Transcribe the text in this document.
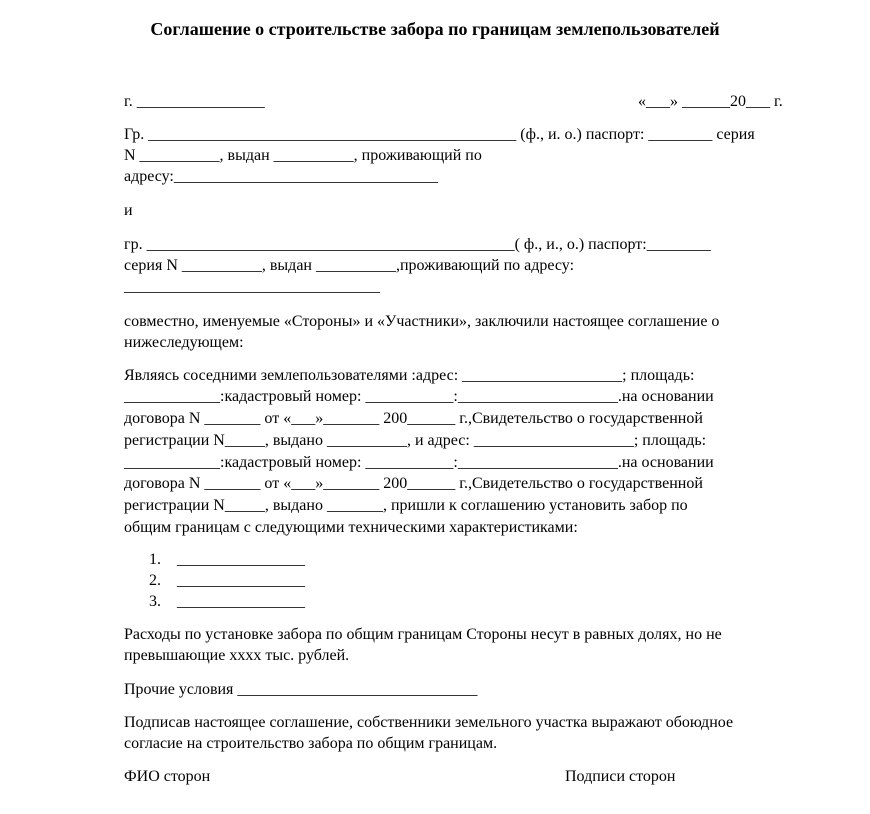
Соглашение о строительстве забора по границам землепользователей
г. ________________	«___» ______20___ г.
Гр. ______________________________________________ (ф., и. о.) паспорт: ________ серия
N __________, выдан __________, проживающий по
адресу:_________________________________
и
гр. ______________________________________________( ф., и., о.) паспорт:________
серия N __________, выдан __________,проживающий по адресу:
________________________________
совместно, именуемые «Стороны» и «Участники», заключили настоящее соглашение о
нижеследующем:
Являясь соседними землепользователями :адрес: ____________________; площадь:
____________:кадастровый номер: ___________:____________________.на основании
договора N _______ от «___»_______ 200______ г.,Свидетельство о государственной
регистрации N_____, выдано __________, и адрес: ____________________; площадь:
____________:кадастровый номер: ___________:____________________.на основании
договора N _______ от «___»_______ 200______ г.,Свидетельство о государственной
регистрации N_____, выдано _______, пришли к соглашению установить забор по
общим границам с следующими техническими характеристиками:
1. ________________
2. ________________
3. ________________
Расходы по установке забора по общим границам Стороны несут в равных долях, но не
превышающие хххх тыс. рублей.
Прочие условия ______________________________
Подписав настоящее соглашение, собственники земельного участка выражают обоюдное
согласие на строительство забора по общим границам.
ФИО сторон	Подписи сторон
